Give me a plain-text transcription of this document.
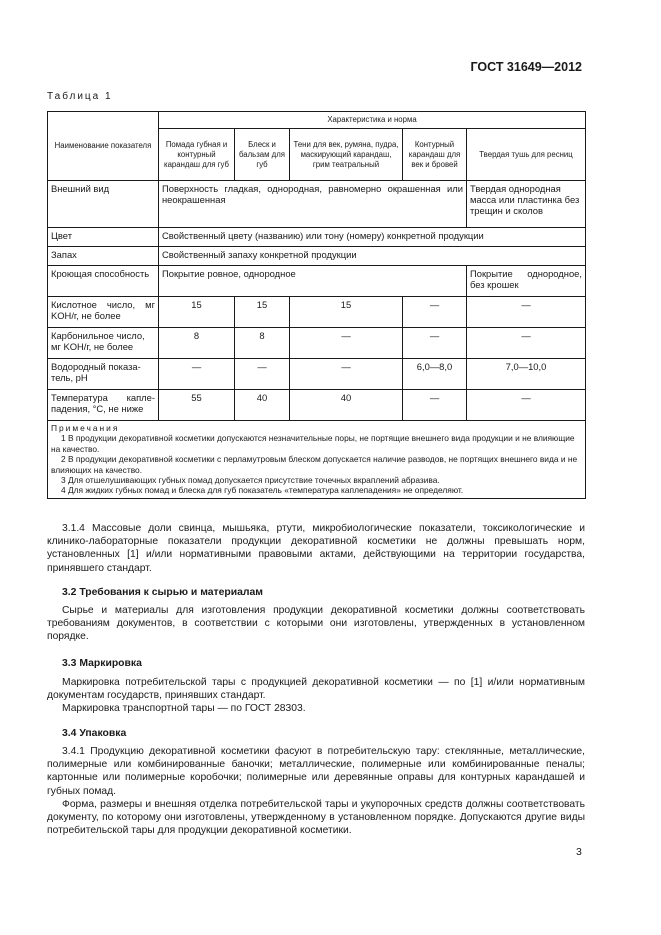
ГОСТ 31649—2012
Таблица 1
Наименование показателя	Характеристика и норма				
	Помада губная и контурный карандаш для губ	Блеск и бальзам для губ	Тени для век, румяна, пудра, маскирующий карандаш, грим театральный	Контурный карандаш для век и бровей	Твердая тушь для ресниц
Внешний вид	Поверхность гладкая, однородная, равномерно окрашенная или неокрашенная				Твердая однородная масса или пластинка без трещин и сколов
Цвет	Свойственный цвету (названию) или тону (номеру) конкретной продукции				
Запах	Свойственный запаху конкретной продукции				
Кроющая способность	Покрытие ровное, однородное				Покрытие однородное, без крошек
Кислотное число, мг KOH/г, не более	15	15	15	—	—
Карбонильное число, мг KOH/г, не более	8	8	—	—	—
Водородный показатель, pH	—	—	—	6,0—8,0	7,0—10,0
Температура каплепадения, °C, не ниже	55	40	40	—	—

Примечания
1 В продукции декоративной косметики допускаются незначительные поры, не портящие внешнего вида продукции и не влияющие на качество.
2 В продукции декоративной косметики с перламутровым блеском допускается наличие разводов, не портящих внешнего вида и не влияющих на качество.
3 Для отшелушивающих губных помад допускается присутствие точечных вкраплений абразива.
4 Для жидких губных помад и блеска для губ показатель «температура каплепадения» не определяют.					

3.1.4 Массовые доли свинца, мышьяка, ртути, микробиологические показатели, токсикологические и клинико-лабораторные показатели продукции декоративной косметики не должны превышать норм, установленных [1] и/или нормативными правовыми актами, действующими на территории государства, принявшего стандарт.

3.2 Требования к сырью и материалам

Сырье и материалы для изготовления продукции декоративной косметики должны соответствовать требованиям документов, в соответствии с которыми они изготовлены, утвержденных в установленном порядке.

3.3 Маркировка

Маркировка потребительской тары с продукцией декоративной косметики — по [1] и/или нормативным документам государств, принявших стандарт.

Маркировка транспортной тары — по ГОСТ 28303.

3.4 Упаковка

3.4.1 Продукцию декоративной косметики фасуют в потребительскую тару: стеклянные, металлические, полимерные или комбинированные баночки; металлические, полимерные или комбинированные пеналы; картонные или полимерные коробочки; полимерные или деревянные оправы для контурных карандашей и губных помад.

Форма, размеры и внешняя отделка потребительской тары и укупорочных средств должны соответствовать документу, по которому они изготовлены, утвержденному в установленном порядке. Допускаются другие виды потребительской тары для продукции декоративной косметики.

3
